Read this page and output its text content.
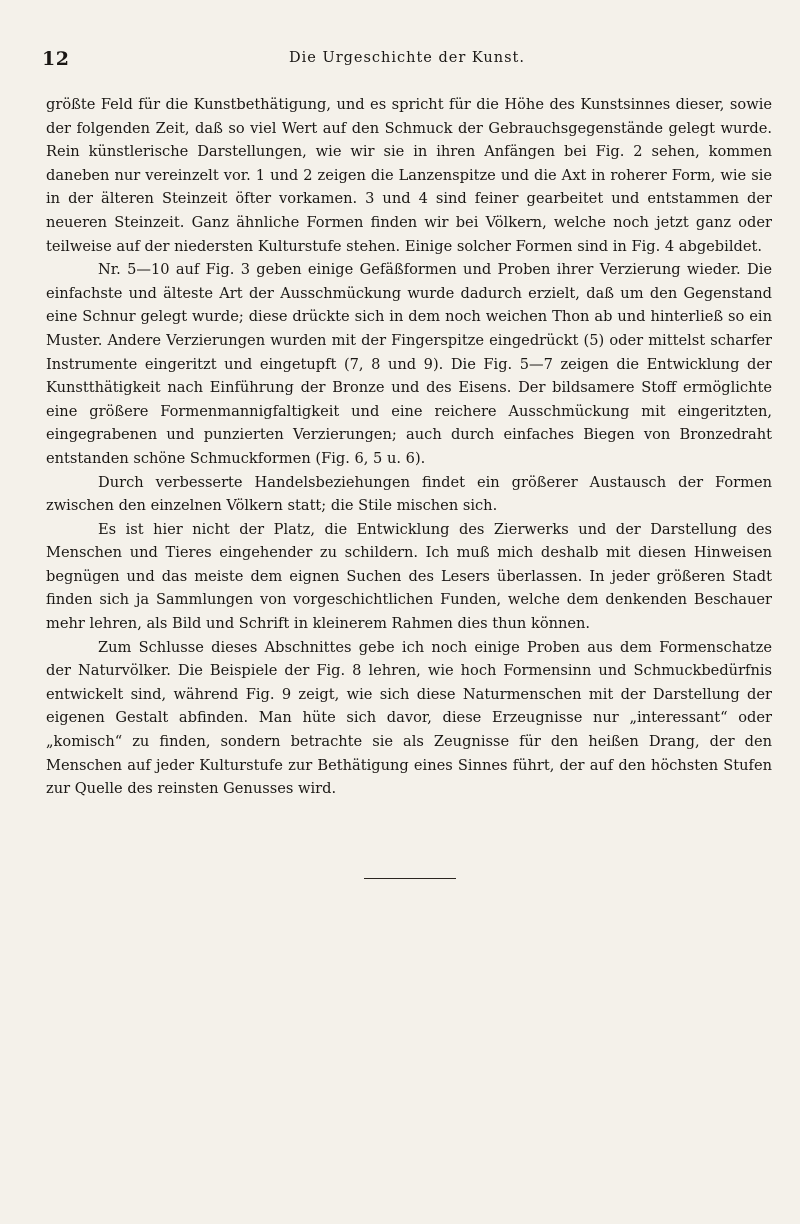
12	Die Urgeschichte der Kunst.

größte Feld für die Kunstbethätigung, und es spricht für die Höhe des Kunstsinnes dieser, sowie der folgenden Zeit, daß so viel Wert auf den Schmuck der Gebrauchsgegenstände gelegt wurde. Rein künstlerische Darstellungen, wie wir sie in ihren Anfängen bei Fig. 2 sehen, kommen daneben nur vereinzelt vor. 1 und 2 zeigen die Lanzenspitze und die Axt in roherer Form, wie sie in der älteren Steinzeit öfter vorkamen. 3 und 4 sind feiner gearbeitet und entstammen der neueren Steinzeit. Ganz ähnliche Formen finden wir bei Völkern, welche noch jetzt ganz oder teilweise auf der niedersten Kulturstufe stehen. Einige solcher Formen sind in Fig. 4 abgebildet.

Nr. 5—10 auf Fig. 3 geben einige Gefäßformen und Proben ihrer Verzierung wieder. Die einfachste und älteste Art der Ausschmückung wurde dadurch erzielt, daß um den Gegenstand eine Schnur gelegt wurde; diese drückte sich in dem noch weichen Thon ab und hinterließ so ein Muster. Andere Verzierungen wurden mit der Fingerspitze eingedrückt (5) oder mittelst scharfer Instrumente eingeritzt und eingetupft (7, 8 und 9). Die Fig. 5—7 zeigen die Entwicklung der Kunstthätigkeit nach Einführung der Bronze und des Eisens. Der bildsamere Stoff ermöglichte eine größere Formenmannigfaltigkeit und eine reichere Ausschmückung mit eingeritzten, eingegrabenen und punzierten Verzierungen; auch durch einfaches Biegen von Bronzedraht entstanden schöne Schmuckformen (Fig. 6, 5 u. 6).

Durch verbesserte Handelsbeziehungen findet ein größerer Austausch der Formen zwischen den einzelnen Völkern statt; die Stile mischen sich.

Es ist hier nicht der Platz, die Entwicklung des Zierwerks und der Darstellung des Menschen und Tieres eingehender zu schildern. Ich muß mich deshalb mit diesen Hinweisen begnügen und das meiste dem eignen Suchen des Lesers überlassen. In jeder größeren Stadt finden sich ja Sammlungen von vorgeschichtlichen Funden, welche dem denkenden Beschauer mehr lehren, als Bild und Schrift in kleinerem Rahmen dies thun können.

Zum Schlusse dieses Abschnittes gebe ich noch einige Proben aus dem Formenschatze der Naturvölker. Die Beispiele der Fig. 8 lehren, wie hoch Formensinn und Schmuckbedürfnis entwickelt sind, während Fig. 9 zeigt, wie sich diese Naturmenschen mit der Darstellung der eigenen Gestalt abfinden. Man hüte sich davor, diese Erzeugnisse nur „interessant“ oder „komisch“ zu finden, sondern betrachte sie als Zeugnisse für den heißen Drang, der den Menschen auf jeder Kulturstufe zur Bethätigung eines Sinnes führt, der auf den höchsten Stufen zur Quelle des reinsten Genusses wird.
